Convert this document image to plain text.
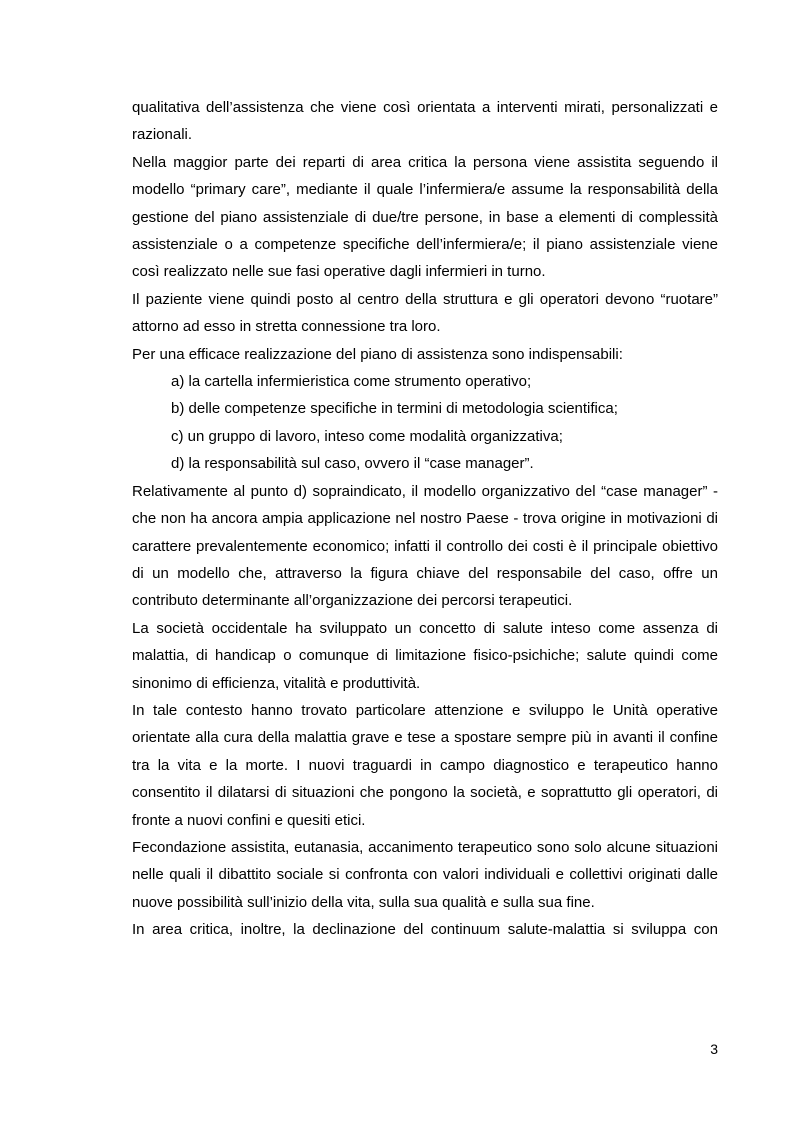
qualitativa dell’assistenza che viene così orientata a interventi mirati, personalizzati e razionali.

Nella maggior parte dei reparti di area critica la persona viene assistita seguendo il modello “primary care”, mediante il quale l’infermiera/e assume la responsabilità della gestione del piano assistenziale di due/tre persone, in base a elementi di complessità assistenziale o a competenze specifiche dell’infermiera/e; il piano assistenziale viene così realizzato nelle sue fasi operative dagli infermieri in turno.

Il paziente viene quindi posto al centro della struttura e gli operatori devono “ruotare” attorno ad esso in stretta connessione tra loro.

Per una efficace realizzazione del piano di assistenza sono indispensabili:

a) la cartella infermieristica come strumento operativo;
b) delle competenze specifiche in termini di metodologia scientifica;
c) un gruppo di lavoro, inteso come modalità organizzativa;
d) la responsabilità sul caso, ovvero il “case manager”.

Relativamente al punto d) sopraindicato, il modello organizzativo del “case manager” - che non ha ancora ampia applicazione nel nostro Paese - trova origine in motivazioni di carattere prevalentemente economico; infatti il controllo dei costi è il principale obiettivo di un modello che, attraverso la figura chiave del responsabile del caso, offre un contributo determinante all’organizzazione dei percorsi terapeutici.

La società occidentale ha sviluppato un concetto di salute inteso come assenza di malattia, di handicap o comunque di limitazione fisico-psichiche; salute quindi come sinonimo di efficienza, vitalità e produttività.

In tale contesto hanno trovato particolare attenzione e sviluppo le Unità operative orientate alla cura della malattia grave e tese a spostare sempre più in avanti il confine tra la vita e la morte. I nuovi traguardi in campo diagnostico e terapeutico hanno consentito il dilatarsi di situazioni che pongono la società, e soprattutto gli operatori, di fronte a nuovi confini e quesiti etici.

Fecondazione assistita, eutanasia, accanimento terapeutico sono solo alcune situazioni nelle quali il dibattito sociale si confronta con valori individuali e collettivi originati dalle nuove possibilità sull’inizio della vita, sulla sua qualità e sulla sua fine.

In area critica, inoltre, la declinazione del continuum salute-malattia si sviluppa con

3
